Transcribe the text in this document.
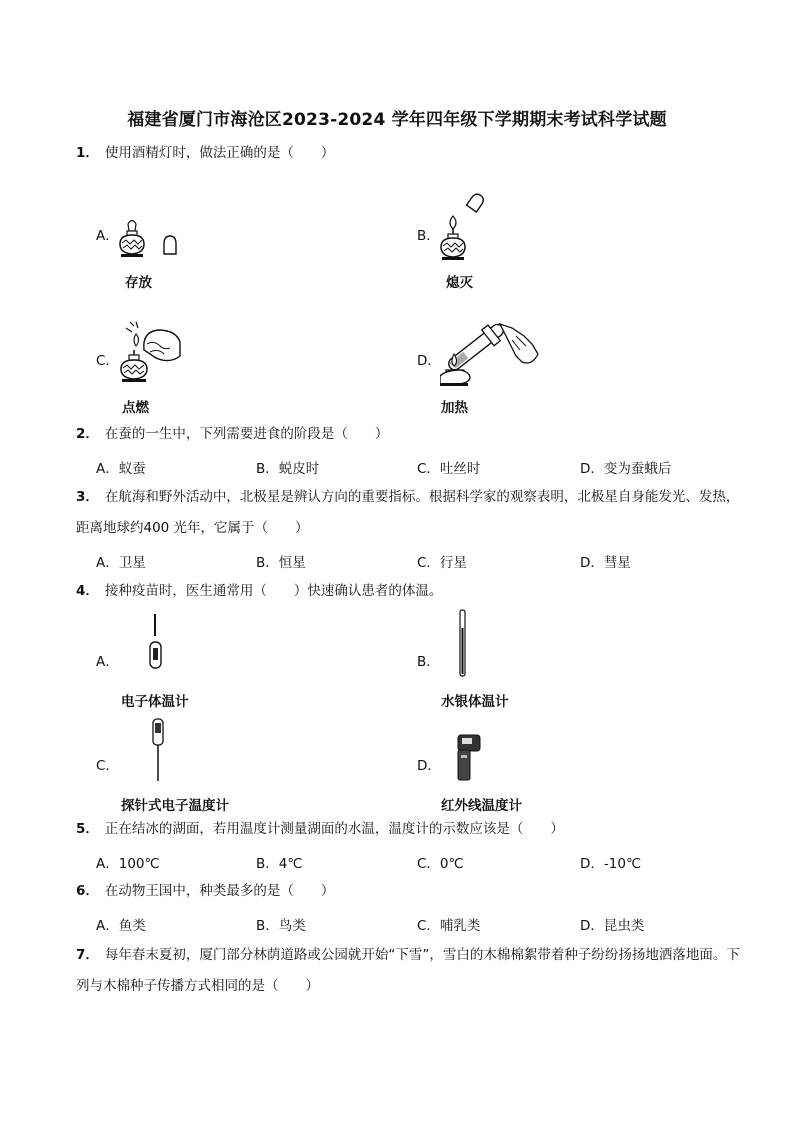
福建省厦门市海沧区2023-2024 学年四年级下学期期末考试科学试题
1． 使用酒精灯时，做法正确的是（　　）
A．
存放
B．
熄灭
C．
点燃
D．
加热
2． 在蚕的一生中，下列需要进食的阶段是（　　）
A．蚁蚕	B．蜕皮时	C．吐丝时	D．变为蚕蛾后
3． 在航海和野外活动中，北极星是辨认方向的重要指标。根据科学家的观察表明，北极星自身能发光、发热，距离地球约400 光年，它属于（　　）
A．卫星	B．恒星	C．行星	D．彗星
4． 接种疫苗时，医生通常用（　　）快速确认患者的体温。
A．
电子体温计
B．
水银体温计
C．
探针式电子温度计
D．
红外线温度计
5． 正在结冰的湖面，若用温度计测量湖面的水温，温度计的示数应该是（　　）
A．100℃	B．4℃	C．0℃	D．-10℃
6． 在动物王国中，种类最多的是（　　）
A．鱼类	B．鸟类	C．哺乳类	D．昆虫类
7． 每年春末夏初，厦门部分林荫道路或公园就开始“下雪”，雪白的木棉棉絮带着种子纷纷扬扬地洒落地面。下列与木棉种子传播方式相同的是（　　）
